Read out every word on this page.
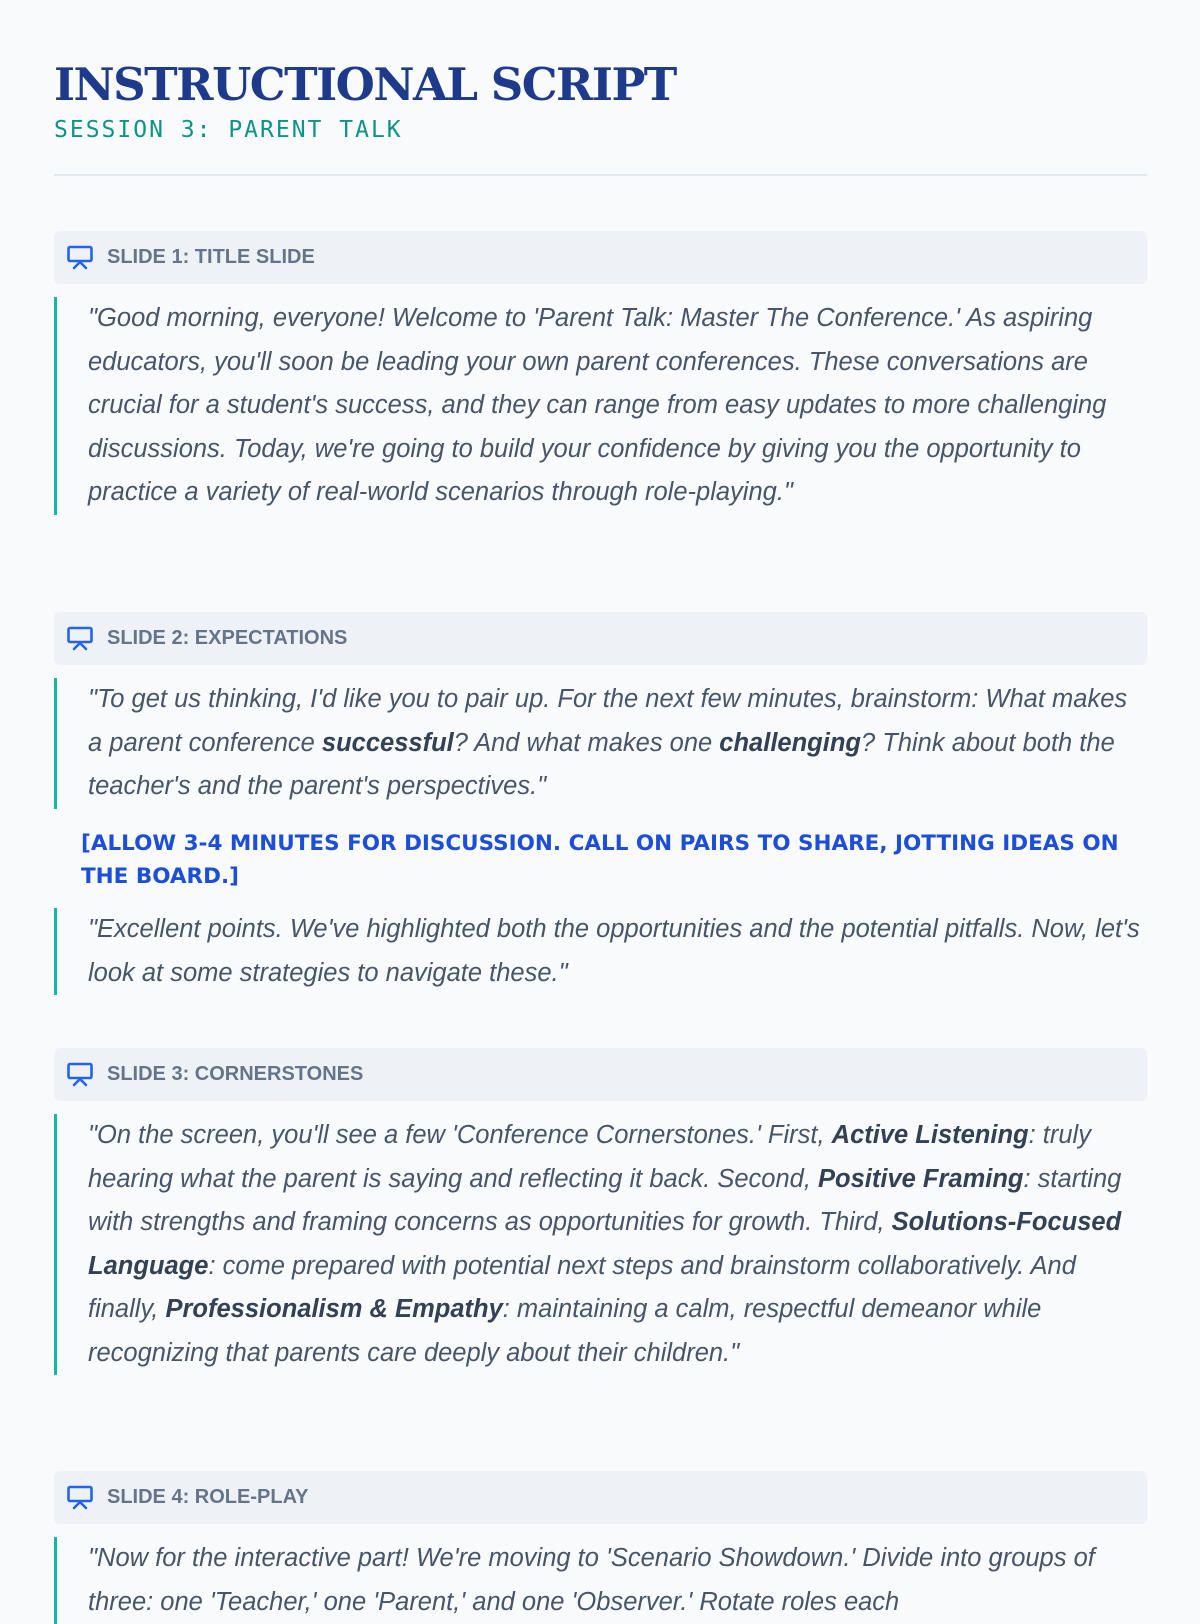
INSTRUCTIONAL SCRIPT
SESSION 3: PARENT TALK
SLIDE 1: TITLE SLIDE
"Good morning, everyone! Welcome to 'Parent Talk: Master The Conference.' As aspiring educators, you'll soon be leading your own parent conferences. These conversations are crucial for a student's success, and they can range from easy updates to more challenging discussions. Today, we're going to build your confidence by giving you the opportunity to practice a variety of real-world scenarios through role-playing."
SLIDE 2: EXPECTATIONS
"To get us thinking, I'd like you to pair up. For the next few minutes, brainstorm: What makes a parent conference successful? And what makes one challenging? Think about both the teacher's and the parent's perspectives."
[ALLOW 3-4 MINUTES FOR DISCUSSION. CALL ON PAIRS TO SHARE, JOTTING IDEAS ON THE BOARD.]
"Excellent points. We've highlighted both the opportunities and the potential pitfalls. Now, let's look at some strategies to navigate these."
SLIDE 3: CORNERSTONES
"On the screen, you'll see a few 'Conference Cornerstones.' First, Active Listening: truly hearing what the parent is saying and reflecting it back. Second, Positive Framing: starting with strengths and framing concerns as opportunities for growth. Third, Solutions-Focused Language: come prepared with potential next steps and brainstorm collaboratively. And finally, Professionalism & Empathy: maintaining a calm, respectful demeanor while recognizing that parents care deeply about their children."
SLIDE 4: ROLE-PLAY
"Now for the interactive part! We're moving to 'Scenario Showdown.' Divide into groups of three: one 'Teacher,' one 'Parent,' and one 'Observer.' Rotate roles each
